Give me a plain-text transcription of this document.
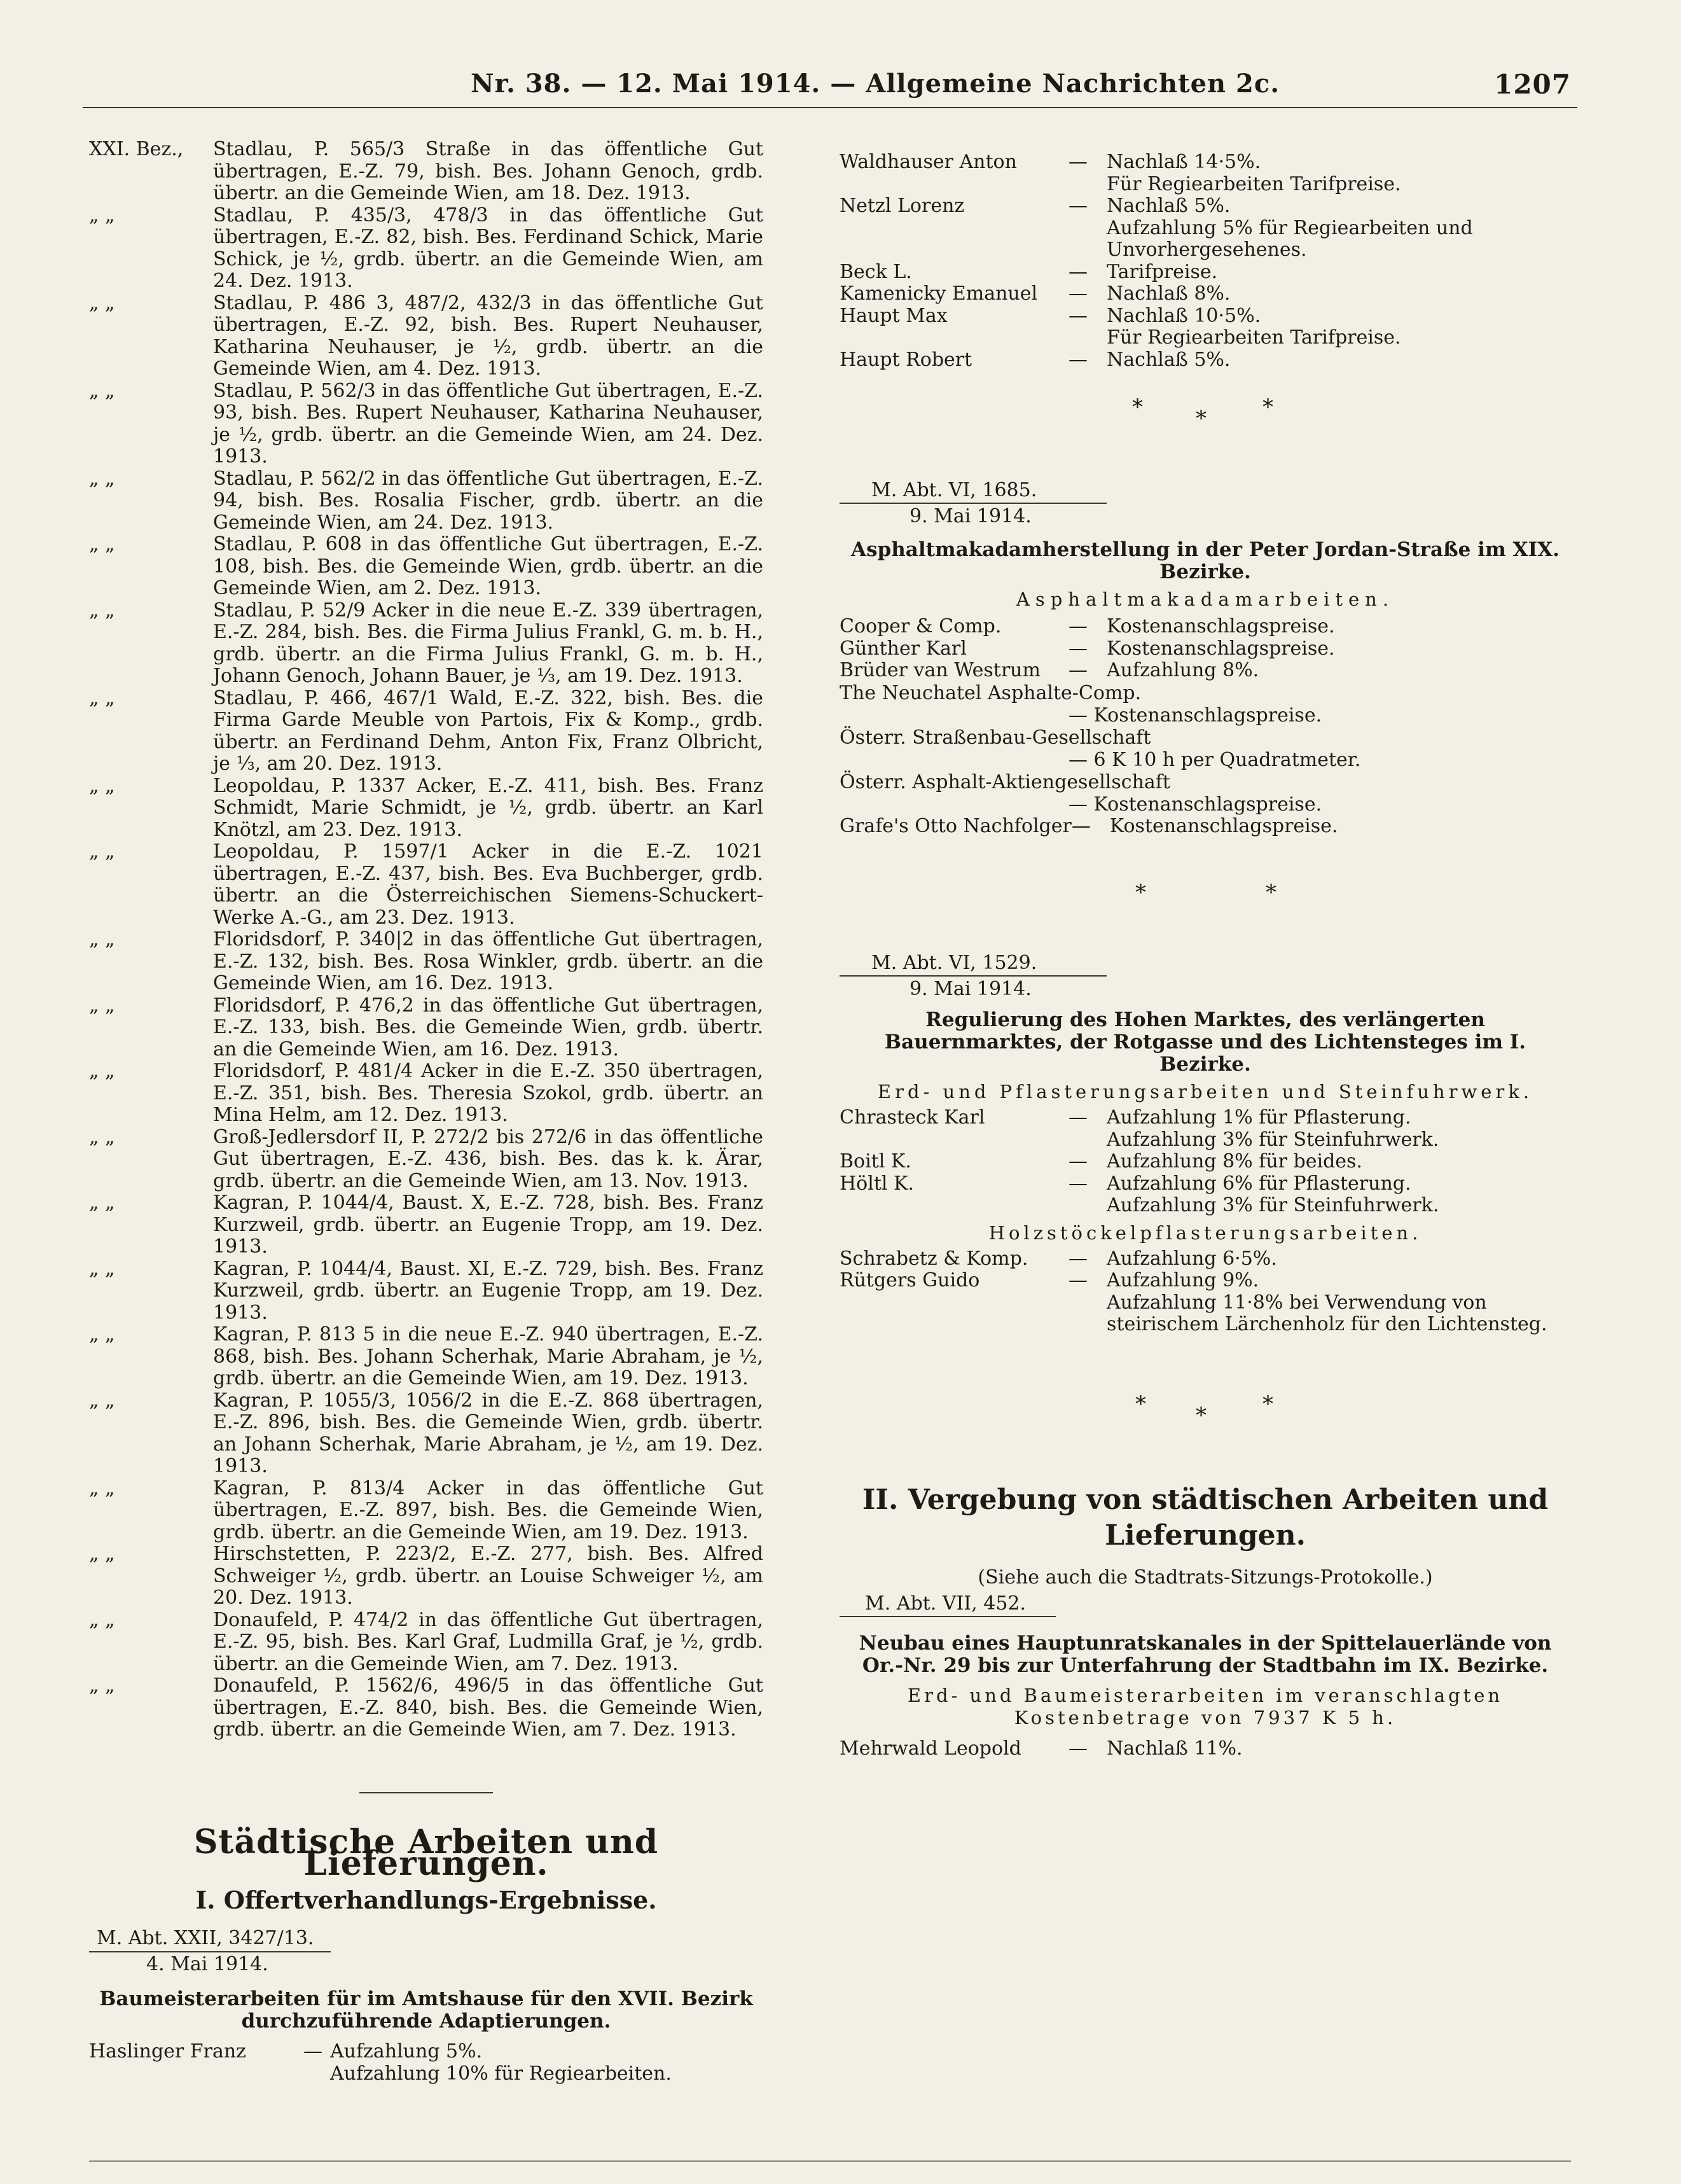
Nr. 38. — 12. Mai 1914. — Allgemeine Nachrichten 2c.	1207
XXI. Bez.,	Stadlau, P. 565/3 Straße in das öffentliche Gut übertragen, E.-Z. 79, bish. Bes. Johann Genoch, grdb. übertr. an die Gemeinde Wien, am 18. Dez. 1913.
„ „	Stadlau, P. 435/3, 478/3 in das öffentliche Gut übertragen, E.-Z. 82, bish. Bes. Ferdinand Schick, Marie Schick, je ½, grdb. übertr. an die Gemeinde Wien, am 24. Dez. 1913.
„ „	Stadlau, P. 486 3, 487/2, 432/3 in das öffentliche Gut übertragen, E.-Z. 92, bish. Bes. Rupert Neuhauser, Katharina Neuhauser, je ½, grdb. übertr. an die Gemeinde Wien, am 4. Dez. 1913.
„ „	Stadlau, P. 562/3 in das öffentliche Gut übertragen, E.-Z. 93, bish. Bes. Rupert Neuhauser, Katharina Neuhauser, je ½, grdb. übertr. an die Gemeinde Wien, am 24. Dez. 1913.
„ „	Stadlau, P. 562/2 in das öffentliche Gut übertragen, E.-Z. 94, bish. Bes. Rosalia Fischer, grdb. übertr. an die Gemeinde Wien, am 24. Dez. 1913.
„ „	Stadlau, P. 608 in das öffentliche Gut übertragen, E.-Z. 108, bish. Bes. die Gemeinde Wien, grdb. übertr. an die Gemeinde Wien, am 2. Dez. 1913.
„ „	Stadlau, P. 52/9 Acker in die neue E.-Z. 339 übertragen, E.-Z. 284, bish. Bes. die Firma Julius Frankl, G. m. b. H., grdb. übertr. an die Firma Julius Frankl, G. m. b. H., Johann Genoch, Johann Bauer, je ⅓, am 19. Dez. 1913.
„ „	Stadlau, P. 466, 467/1 Wald, E.-Z. 322, bish. Bes. die Firma Garde Meuble von Partois, Fix & Komp., grdb. übertr. an Ferdinand Dehm, Anton Fix, Franz Olbricht, je ⅓, am 20. Dez. 1913.
„ „	Leopoldau, P. 1337 Acker, E.-Z. 411, bish. Bes. Franz Schmidt, Marie Schmidt, je ½, grdb. übertr. an Karl Knötzl, am 23. Dez. 1913.
„ „	Leopoldau, P. 1597/1 Acker in die E.-Z. 1021 übertragen, E.-Z. 437, bish. Bes. Eva Buchberger, grdb. übertr. an die Österreichischen Siemens-Schuckert-Werke A.-G., am 23. Dez. 1913.
„ „	Floridsdorf, P. 340|2 in das öffentliche Gut übertragen, E.-Z. 132, bish. Bes. Rosa Winkler, grdb. übertr. an die Gemeinde Wien, am 16. Dez. 1913.
„ „	Floridsdorf, P. 476,2 in das öffentliche Gut übertragen, E.-Z. 133, bish. Bes. die Gemeinde Wien, grdb. übertr. an die Gemeinde Wien, am 16. Dez. 1913.
„ „	Floridsdorf, P. 481/4 Acker in die E.-Z. 350 übertragen, E.-Z. 351, bish. Bes. Theresia Szokol, grdb. übertr. an Mina Helm, am 12. Dez. 1913.
„ „	Groß-Jedlersdorf II, P. 272/2 bis 272/6 in das öffentliche Gut übertragen, E.-Z. 436, bish. Bes. das k. k. Ärar, grdb. übertr. an die Gemeinde Wien, am 13. Nov. 1913.
„ „	Kagran, P. 1044/4, Baust. X, E.-Z. 728, bish. Bes. Franz Kurzweil, grdb. übertr. an Eugenie Tropp, am 19. Dez. 1913.
„ „	Kagran, P. 1044/4, Baust. XI, E.-Z. 729, bish. Bes. Franz Kurzweil, grdb. übertr. an Eugenie Tropp, am 19. Dez. 1913.
„ „	Kagran, P. 813 5 in die neue E.-Z. 940 übertragen, E.-Z. 868, bish. Bes. Johann Scherhak, Marie Abraham, je ½, grdb. übertr. an die Gemeinde Wien, am 19. Dez. 1913.
„ „	Kagran, P. 1055/3, 1056/2 in die E.-Z. 868 übertragen, E.-Z. 896, bish. Bes. die Gemeinde Wien, grdb. übertr. an Johann Scherhak, Marie Abraham, je ½, am 19. Dez. 1913.
„ „	Kagran, P. 813/4 Acker in das öffentliche Gut übertragen, E.-Z. 897, bish. Bes. die Gemeinde Wien, grdb. übertr. an die Gemeinde Wien, am 19. Dez. 1913.
„ „	Hirschstetten, P. 223/2, E.-Z. 277, bish. Bes. Alfred Schweiger ½, grdb. übertr. an Louise Schweiger ½, am 20. Dez. 1913.
„ „	Donaufeld, P. 474/2 in das öffentliche Gut übertragen, E.-Z. 95, bish. Bes. Karl Graf, Ludmilla Graf, je ½, grdb. übertr. an die Gemeinde Wien, am 7. Dez. 1913.
„ „	Donaufeld, P. 1562/6, 496/5 in das öffentliche Gut übertragen, E.-Z. 840, bish. Bes. die Gemeinde Wien, grdb. übertr. an die Gemeinde Wien, am 7. Dez. 1913.
Städtische Arbeiten und Lieferungen.
I. Offertverhandlungs-Ergebnisse.
M. Abt. XXII, 3427/13.
4. Mai 1914.
Baumeisterarbeiten für im Amtshause für den XVII. Bezirk durchzuführende Adaptierungen.
Haslinger Franz	—	Aufzahlung 5%.
Aufzahlung 10% für Regiearbeiten.
Waldhauser Anton	—	Nachlaß 14·5%.
Für Regiearbeiten Tarifpreise.

Netzl Lorenz	—	Nachlaß 5%.
Aufzahlung 5% für Regiearbeiten und Unvorhergesehenes.

Beck L.	—	Tarifpreise.

Kamenicky Emanuel	—	Nachlaß 8%.

Haupt Max	—	Nachlaß 10·5%.
Für Regiearbeiten Tarifpreise.

Haupt Robert	—	Nachlaß 5%.
* *	*
M. Abt. VI, 1685.
9. Mai 1914.
Asphaltmakadamherstellung in der Peter Jordan-Straße im XIX. Bezirke.
Asphaltmakadamarbeiten.
Cooper & Comp.	—	Kostenanschlagspreise.
Günther Karl	—	Kostenanschlagspreise.
Brüder van Westrum	—	Aufzahlung 8%.
The Neuchatel Asphalte-Comp.
— Kostenanschlagspreise.
Österr. Straßenbau-Gesellschaft
— 6 K 10 h per Quadratmeter.
Österr. Asphalt-Aktiengesellschaft
— Kostenanschlagspreise.
Grafe's Otto Nachfolger	—	Kostenanschlagspreise.
*	*
M. Abt. VI, 1529.
9. Mai 1914.
Regulierung des Hohen Marktes, des verlängerten Bauernmarktes, der Rotgasse und des Lichtensteges im I. Bezirke.
Erd- und Pflasterungsarbeiten und Steinfuhrwerk.
Chrasteck Karl	—	Aufzahlung 1% für Pflasterung.
Aufzahlung 3% für Steinfuhrwerk.

Boitl K.	—	Aufzahlung 8% für beides.

Höltl K.	—	Aufzahlung 6% für Pflasterung.
Aufzahlung 3% für Steinfuhrwerk.
Holzstöckelpflasterungsarbeiten.
Schrabetz & Komp.	—	Aufzahlung 6·5%.

Rütgers Guido	—	Aufzahlung 9%.
Aufzahlung 11·8% bei Verwendung von steirischem Lärchenholz für den Lichtensteg.
* *	*
II. Vergebung von städtischen Arbeiten und Lieferungen.
(Siehe auch die Stadtrats-Sitzungs-Protokolle.)
M. Abt. VII, 452.
Neubau eines Hauptunratskanales in der Spittelauerlände von Or.-Nr. 29 bis zur Unterfahrung der Stadtbahn im IX. Bezirke.
Erd- und Baumeisterarbeiten im veranschlagten Kostenbetrage von 7937 K 5 h.
Mehrwald Leopold	—	Nachlaß 11%.
